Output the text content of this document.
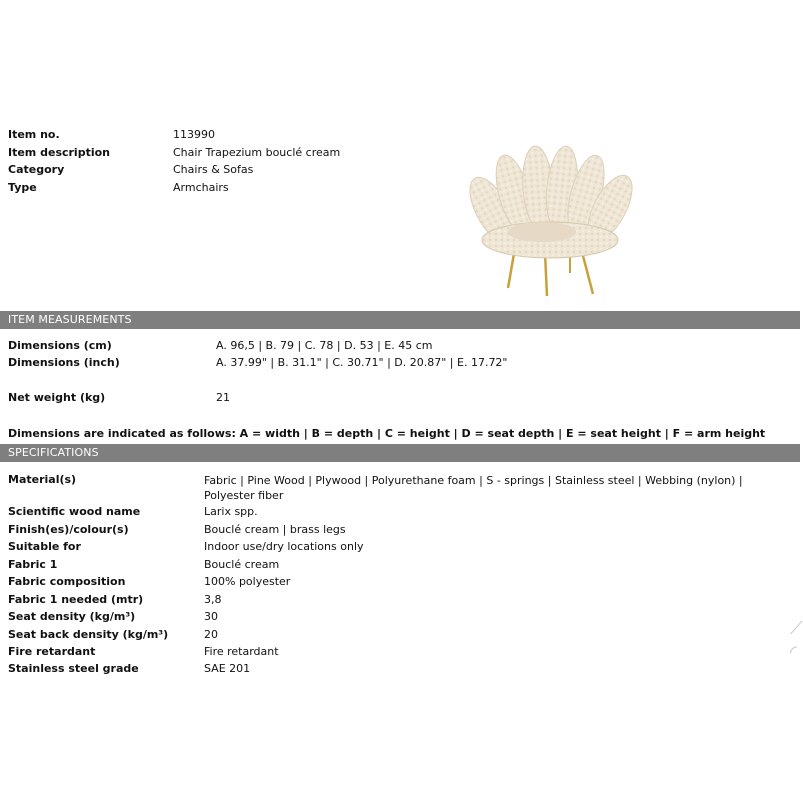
Item no.	113990
Item description	Chair Trapezium bouclé cream
Category	Chairs & Sofas
Type	Armchairs
ITEM MEASUREMENTS
Dimensions (cm)	A. 96,5 | B. 79 | C. 78 | D. 53 | E. 45 cm
Dimensions (inch)	A. 37.99" | B. 31.1" | C. 30.71" | D. 20.87" | E. 17.72"
Net weight (kg)	21
Dimensions are indicated as follows: A = width | B = depth | C = height | D = seat depth | E = seat height | F = arm height
SPECIFICATIONS
Material(s)	Fabric | Pine Wood | Plywood | Polyurethane foam | S - springs | Stainless steel | Webbing (nylon) | Polyester fiber
Scientific wood name	Larix spp.
Finish(es)/colour(s)	Bouclé cream | brass legs
Suitable for	Indoor use/dry locations only
Fabric 1	Bouclé cream
Fabric composition	100% polyester
Fabric 1 needed (mtr)	3,8
Seat density (kg/m³)	30
Seat back density (kg/m³)	20
Fire retardant	Fire retardant
Stainless steel grade	SAE 201
⟋
◜
